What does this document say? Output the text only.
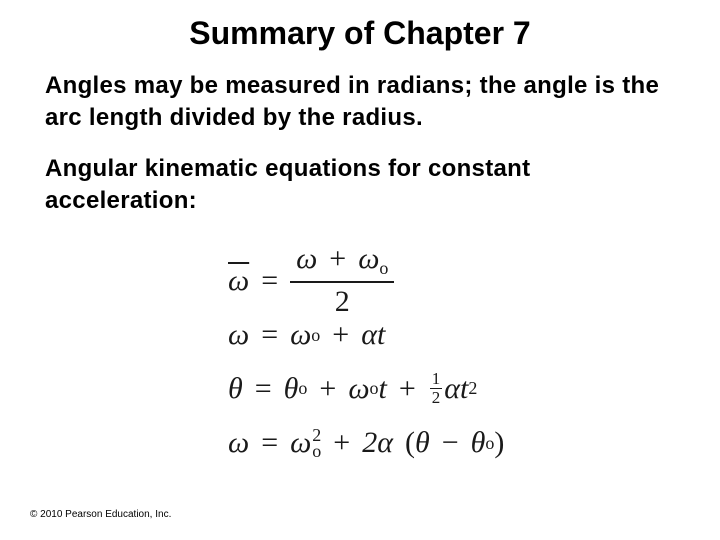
Summary of Chapter 7

Angles may be measured in radians; the angle is the arc length divided by the radius.

Angular kinematic equations for constant acceleration:

$\overline{\omega} = \frac{\omega + \omega_o}{2}$
ω = ω o + α t
θ = θ o + ω o $t + \frac{1}{2}$ α t 2
ω = ω 2
o + 2α ( θ − θ o )

© 2010 Pearson Education, Inc.
